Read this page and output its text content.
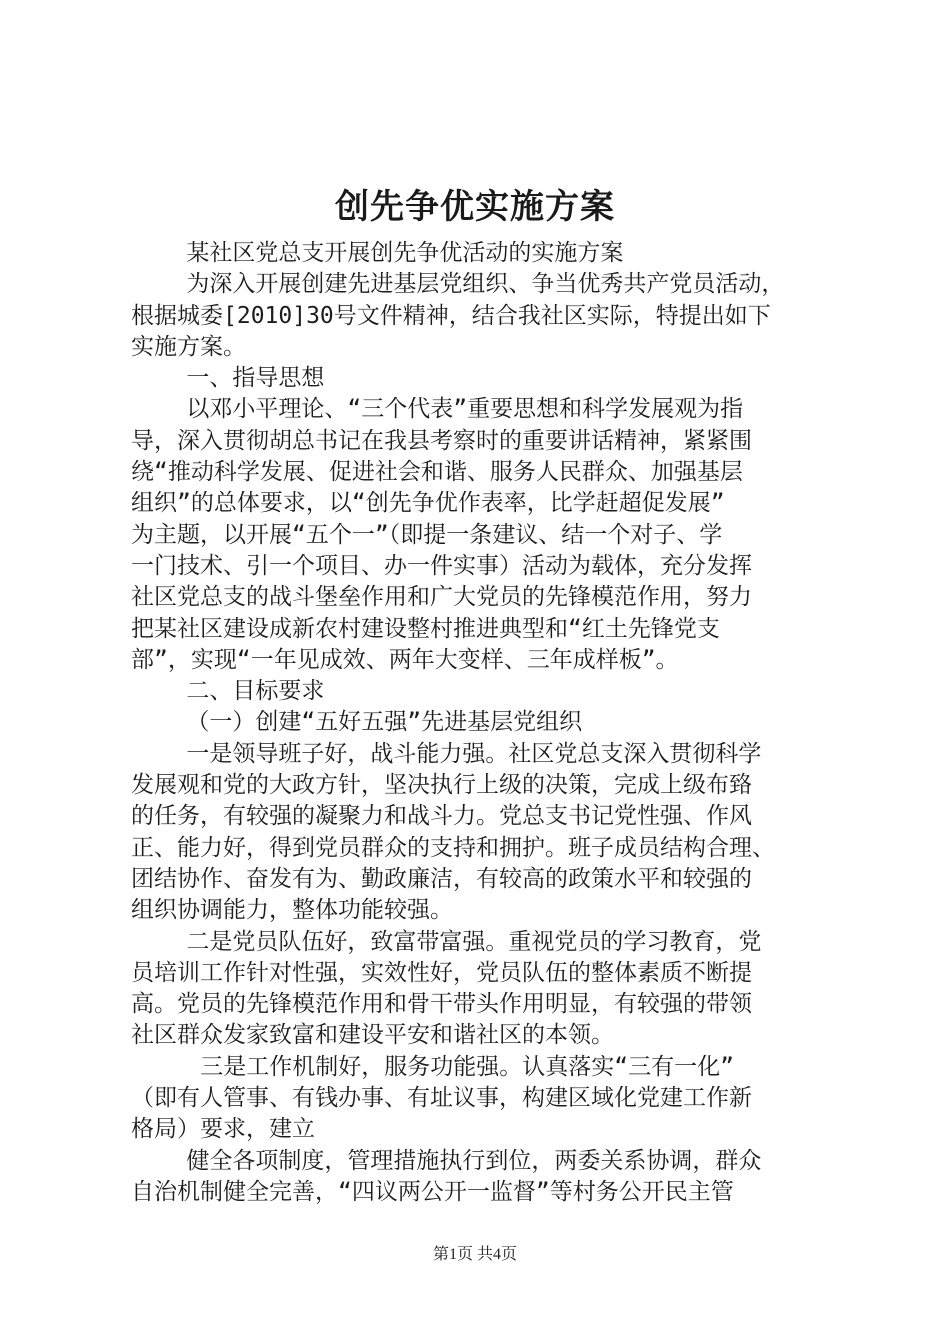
创先争优实施方案
某社区党总支开展创先争优活动的实施方案
为深入开展创建先进基层党组织、争当优秀共产党员活动，
根据城委[2010]30号文件精神，结合我社区实际，特提出如下
实施方案。
一、指导思想
以邓小平理论、“三个代表”重要思想和科学发展观为指
导，深入贯彻胡总书记在我县考察时的重要讲话精神，紧紧围
绕“推动科学发展、促进社会和谐、服务人民群众、加强基层
组织”的总体要求，以“创先争优作表率，比学赶超促发展”
为主题，以开展“五个一”（即提一条建议、结一个对子、学
一门技术、引一个项目、办一件实事）活动为载体，充分发挥
社区党总支的战斗堡垒作用和广大党员的先锋模范作用，努力
把某社区建设成新农村建设整村推进典型和“红土先锋党支
部”，实现“一年见成效、两年大变样、三年成样板”。
二、目标要求
（一）创建“五好五强”先进基层党组织
一是领导班子好，战斗能力强。社区党总支深入贯彻科学
发展观和党的大政方针，坚决执行上级的决策，完成上级布臵
的任务，有较强的凝聚力和战斗力。党总支书记党性强、作风
正、能力好，得到党员群众的支持和拥护。班子成员结构合理、
团结协作、奋发有为、勤政廉洁，有较高的政策水平和较强的
组织协调能力，整体功能较强。
二是党员队伍好，致富带富强。重视党员的学习教育，党
员培训工作针对性强，实效性好，党员队伍的整体素质不断提
高。党员的先锋模范作用和骨干带头作用明显，有较强的带领
社区群众发家致富和建设平安和谐社区的本领。
三是工作机制好，服务功能强。认真落实“三有一化”
（即有人管事、有钱办事、有址议事，构建区域化党建工作新
格局）要求，建立
健全各项制度，管理措施执行到位，两委关系协调，群众
自治机制健全完善，“四议两公开一监督”等村务公开民主管
第1页 共4页
